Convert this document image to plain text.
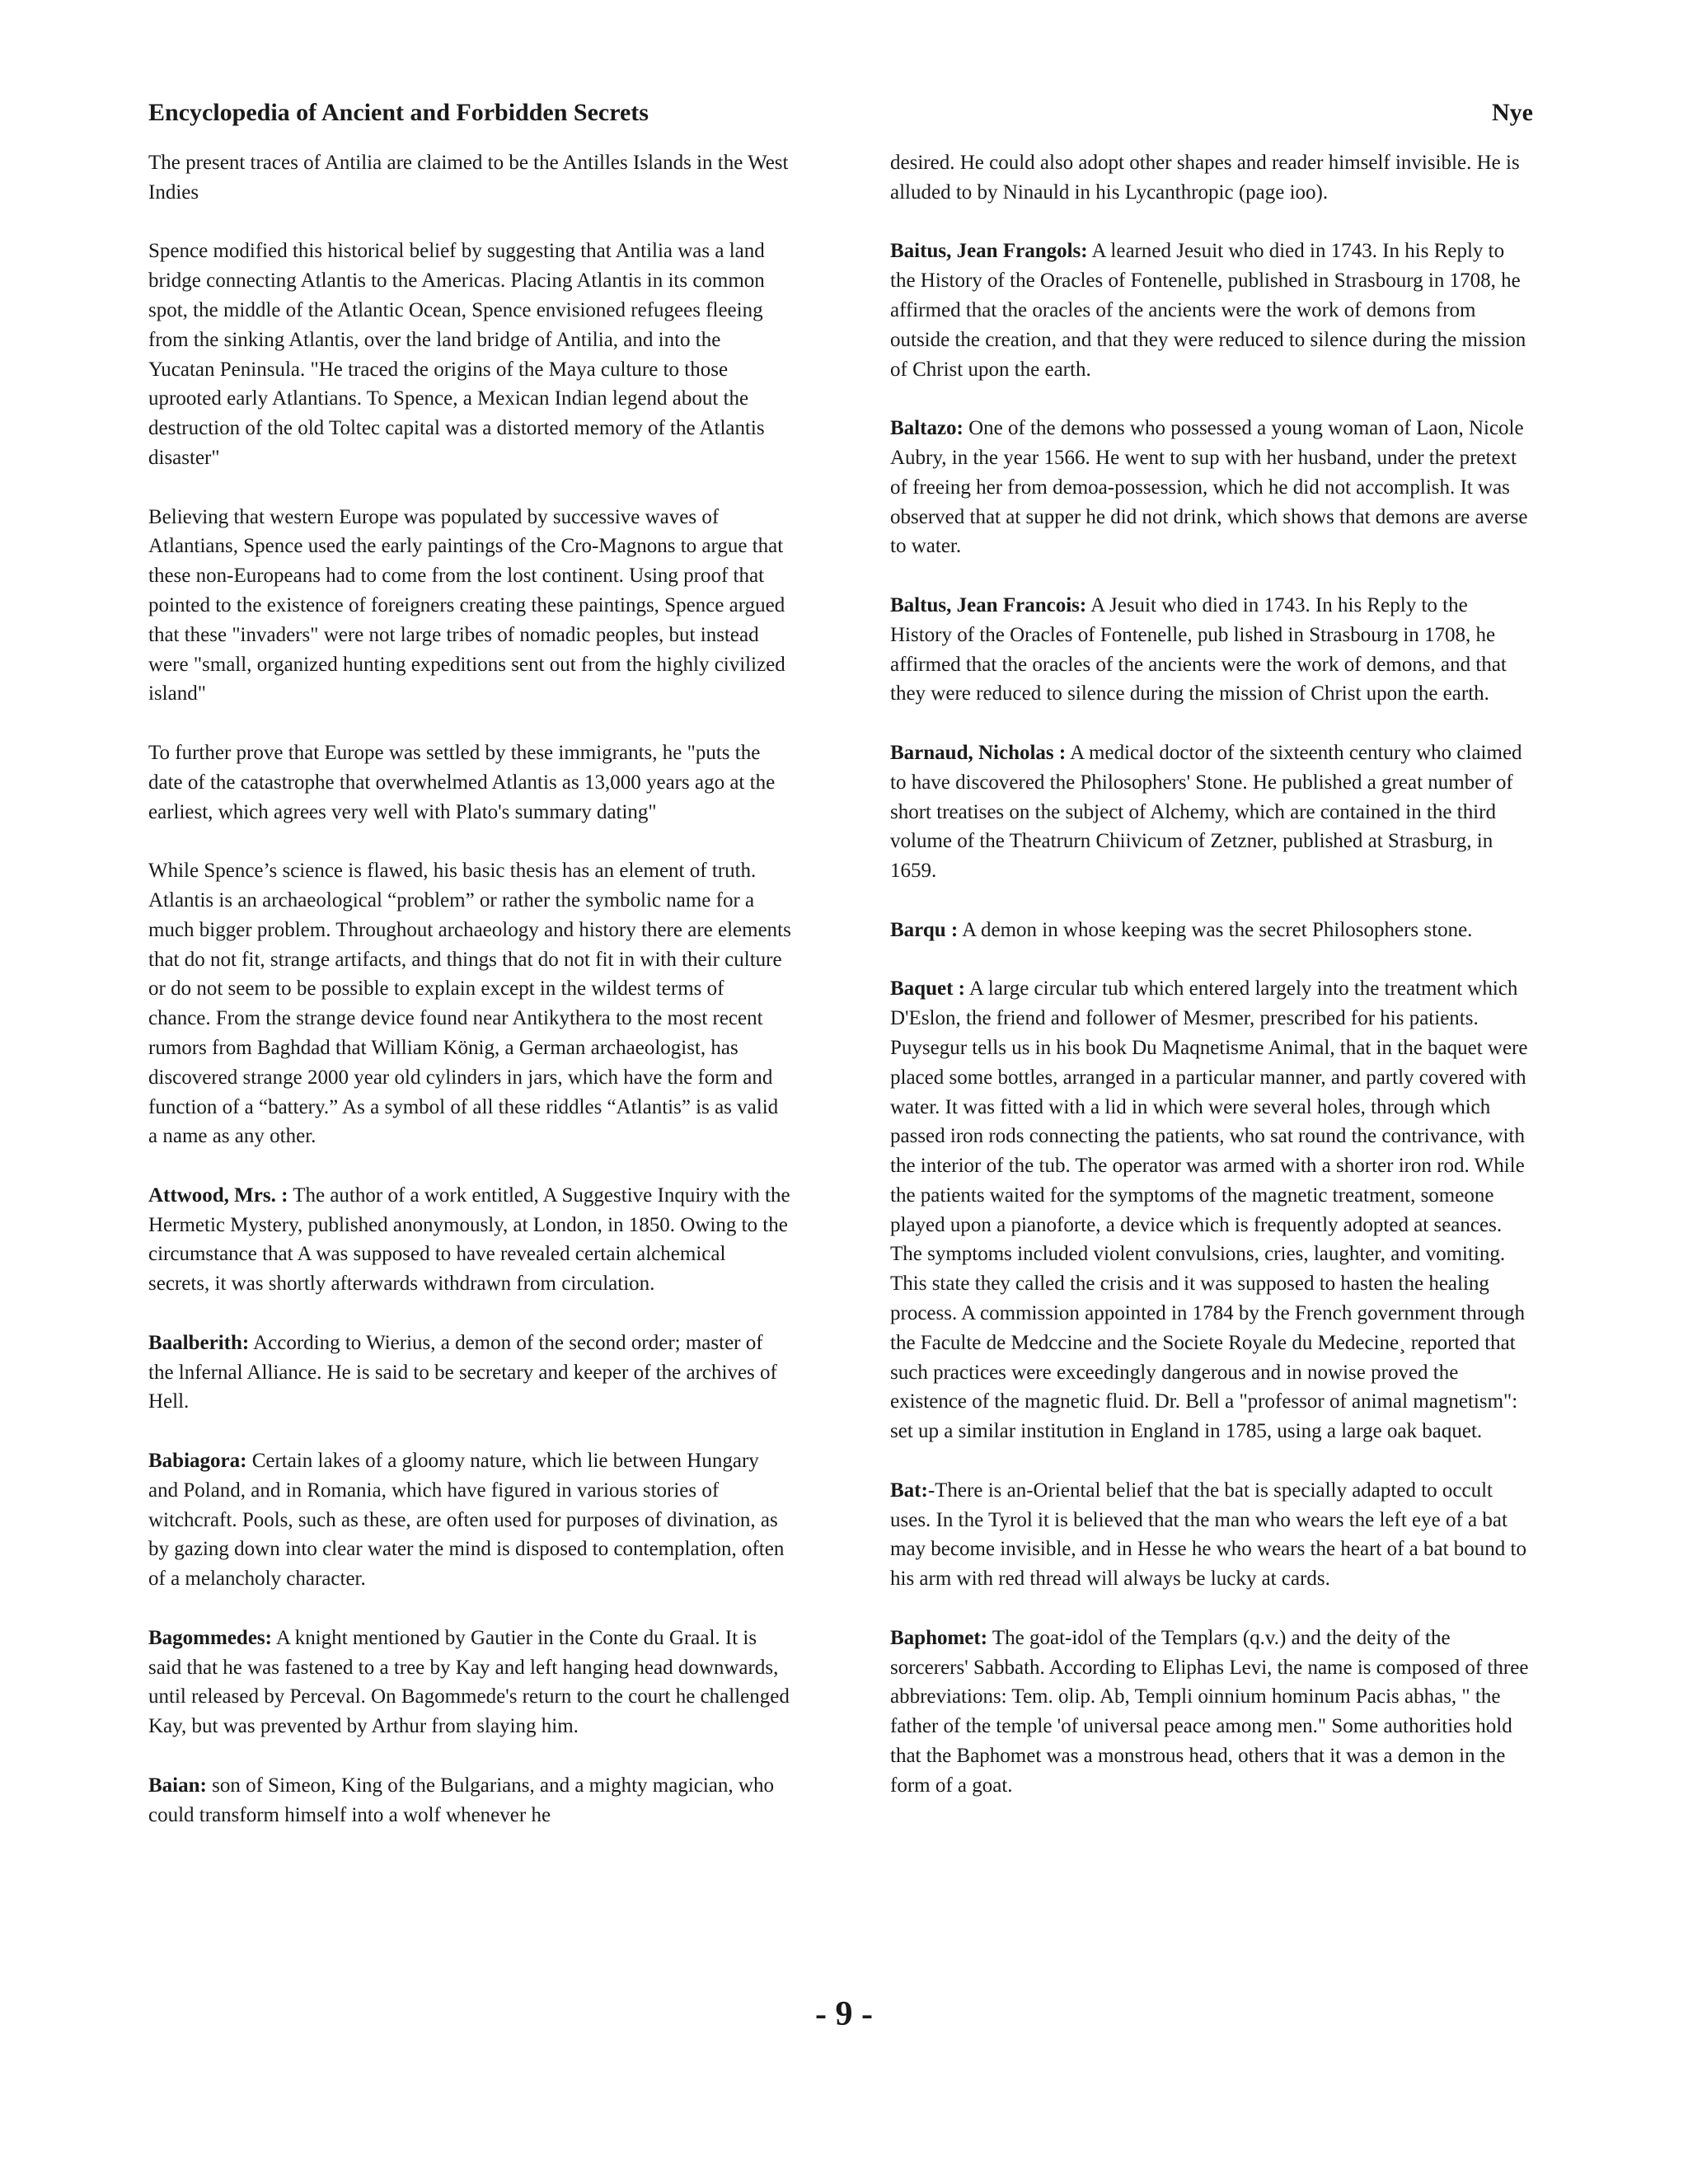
Encyclopedia of Ancient and Forbidden Secrets	Nye

The present traces of Antilia are claimed to be the Antilles Islands in the West Indies

Spence modified this historical belief by suggesting that Antilia was a land bridge connecting Atlantis to the Americas. Placing Atlantis in its common spot, the middle of the Atlantic Ocean, Spence envisioned refugees fleeing from the sinking Atlantis, over the land bridge of Antilia, and into the Yucatan Peninsula. "He traced the origins of the Maya culture to those uprooted early Atlantians. To Spence, a Mexican Indian legend about the destruction of the old Toltec capital was a distorted memory of the Atlantis disaster"

Believing that western Europe was populated by successive waves of Atlantians, Spence used the early paintings of the Cro-Magnons to argue that these non-Europeans had to come from the lost continent. Using proof that pointed to the existence of foreigners creating these paintings, Spence argued that these "invaders" were not large tribes of nomadic peoples, but instead were "small, organized hunting expeditions sent out from the highly civilized island"

To further prove that Europe was settled by these immigrants, he "puts the date of the catastrophe that overwhelmed Atlantis as 13,000 years ago at the earliest, which agrees very well with Plato's summary dating"

While Spence’s science is flawed, his basic thesis has an element of truth. Atlantis is an archaeological “problem” or rather the symbolic name for a much bigger problem. Throughout archaeology and history there are elements that do not fit, strange artifacts, and things that do not fit in with their culture or do not seem to be possible to explain except in the wildest terms of chance. From the strange device found near Antikythera to the most recent rumors from Baghdad that William König, a German archaeologist, has discovered strange 2000 year old cylinders in jars, which have the form and function of a “battery.” As a symbol of all these riddles “Atlantis” is as valid a name as any other.

Attwood, Mrs. : The author of a work entitled, A Suggestive Inquiry with the Hermetic Mystery, published anonymously, at London, in 1850. Owing to the circumstance that A was supposed to have revealed certain alchemical secrets, it was shortly afterwards withdrawn from circulation.

Baalberith: According to Wierius, a demon of the second order; master of the lnfernal Alliance. He is said to be secretary and keeper of the archives of Hell.

Babiagora: Certain lakes of a gloomy nature, which lie between Hungary and Poland, and in Romania, which have figured in various stories of witchcraft. Pools, such as these, are often used for purposes of divination, as by gazing down into clear water the mind is disposed to contemplation, often of a melancholy character.

Bagommedes: A knight mentioned by Gautier in the Conte du Graal. It is said that he was fastened to a tree by Kay and left hanging head downwards, until released by Perceval. On Bagommede's return to the court he challenged Kay, but was prevented by Arthur from slaying him.

Baian: son of Simeon, King of the Bulgarians, and a mighty magician, who could transform himself into a wolf whenever he

desired. He could also adopt other shapes and reader himself invisible. He is alluded to by Ninauld in his Lycanthropic (page ioo).

Baitus, Jean Frangols: A learned Jesuit who died in 1743. In his Reply to the History of the Oracles of Fontenelle, published in Strasbourg in 1708, he affirmed that the oracles of the ancients were the work of demons from outside the creation, and that they were reduced to silence during the mission of Christ upon the earth.

Baltazo: One of the demons who possessed a young woman of Laon, Nicole Aubry, in the year 1566. He went to sup with her husband, under the pretext of freeing her from demoa-possession, which he did not accomplish. It was observed that at supper he did not drink, which shows that demons are averse to water.

Baltus, Jean Francois: A Jesuit who died in 1743. In his Reply to the History of the Oracles of Fontenelle, pub lished in Strasbourg in 1708, he affirmed that the oracles of the ancients were the work of demons, and that they were reduced to silence during the mission of Christ upon the earth.

Barnaud, Nicholas : A medical doctor of the sixteenth century who claimed to have discovered the Philosophers' Stone. He published a great number of short treatises on the subject of Alchemy, which are contained in the third volume of the Theatrurn Chiivicum of Zetzner, published at Strasburg, in 1659.

Barqu : A demon in whose keeping was the secret Philosophers stone.

Baquet : A large circular tub which entered largely into the treatment which D'Eslon, the friend and follower of Mesmer, prescribed for his patients. Puysegur tells us in his book Du Maqnetisme Animal, that in the baquet were placed some bottles, arranged in a particular manner, and partly covered with water. It was fitted with a lid in which were several holes, through which passed iron rods connecting the patients, who sat round the contrivance, with the interior of the tub. The operator was armed with a shorter iron rod. While the patients waited for the symptoms of the magnetic treatment, someone played upon a pianoforte, a device which is frequently adopted at seances. The symptoms included violent convulsions, cries, laughter, and vomiting. This state they called the crisis and it was supposed to hasten the healing process. A commission appointed in 1784 by the French government through the Faculte de Medccine and the Societe Royale du Medecine¸ reported that such practices were exceedingly dangerous and in nowise proved the existence of the magnetic fluid. Dr. Bell a "professor of animal magnetism": set up a similar institution in England in 1785, using a large oak baquet.

Bat:-There is an-Oriental belief that the bat is specially adapted to occult uses. In the Tyrol it is believed that the man who wears the left eye of a bat may become invisible, and in Hesse he who wears the heart of a bat bound to his arm with red thread will always be lucky at cards.

Baphomet: The goat-idol of the Templars (q.v.) and the deity of the sorcerers' Sabbath. According to Eliphas Levi, the name is composed of three abbreviations: Tem. olip. Ab, Templi oinnium hominum Pacis abhas, " the father of the temple 'of universal peace among men." Some authorities hold that the Baphomet was a monstrous head, others that it was a demon in the form of a goat.

- 9 -
